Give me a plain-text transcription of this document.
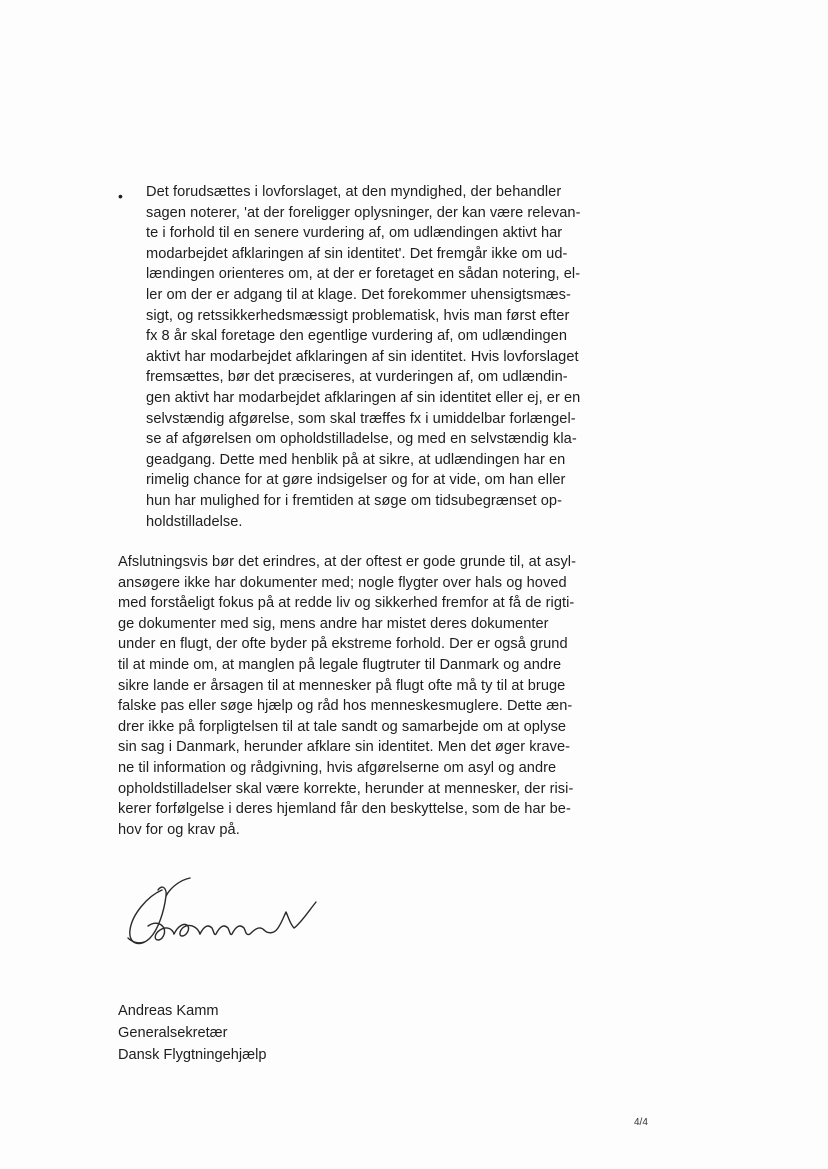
• Det forudsættes i lovforslaget, at den myndighed, der behandler
sagen noterer, 'at der foreligger oplysninger, der kan være relevan-
te i forhold til en senere vurdering af, om udlændingen aktivt har
modarbejdet afklaringen af sin identitet'. Det fremgår ikke om ud-
lændingen orienteres om, at der er foretaget en sådan notering, el-
ler om der er adgang til at klage. Det forekommer uhensigtsmæs-
sigt, og retssikkerhedsmæssigt problematisk, hvis man først efter
fx 8 år skal foretage den egentlige vurdering af, om udlændingen
aktivt har modarbejdet afklaringen af sin identitet. Hvis lovforslaget
fremsættes, bør det præciseres, at vurderingen af, om udlændin-
gen aktivt har modarbejdet afklaringen af sin identitet eller ej, er en
selvstændig afgørelse, som skal træffes fx i umiddelbar forlængel-
se af afgørelsen om opholdstilladelse, og med en selvstændig kla-
geadgang. Dette med henblik på at sikre, at udlændingen har en
rimelig chance for at gøre indsigelser og for at vide, om han eller
hun har mulighed for i fremtiden at søge om tidsubegrænset op-
holdstilladelse.
Afslutningsvis bør det erindres, at der oftest er gode grunde til, at asyl-
ansøgere ikke har dokumenter med; nogle flygter over hals og hoved
med forståeligt fokus på at redde liv og sikkerhed fremfor at få de rigti-
ge dokumenter med sig, mens andre har mistet deres dokumenter
under en flugt, der ofte byder på ekstreme forhold. Der er også grund
til at minde om, at manglen på legale flugtruter til Danmark og andre
sikre lande er årsagen til at mennesker på flugt ofte må ty til at bruge
falske pas eller søge hjælp og råd hos menneskesmuglere. Dette æn-
drer ikke på forpligtelsen til at tale sandt og samarbejde om at oplyse
sin sag i Danmark, herunder afklare sin identitet. Men det øger krave-
ne til information og rådgivning, hvis afgørelserne om asyl og andre
opholdstilladelser skal være korrekte, herunder at mennesker, der risi-
kerer forfølgelse i deres hjemland får den beskyttelse, som de har be-
hov for og krav på.
Andreas Kamm
Generalsekretær
Dansk Flygtningehjælp
4/4
